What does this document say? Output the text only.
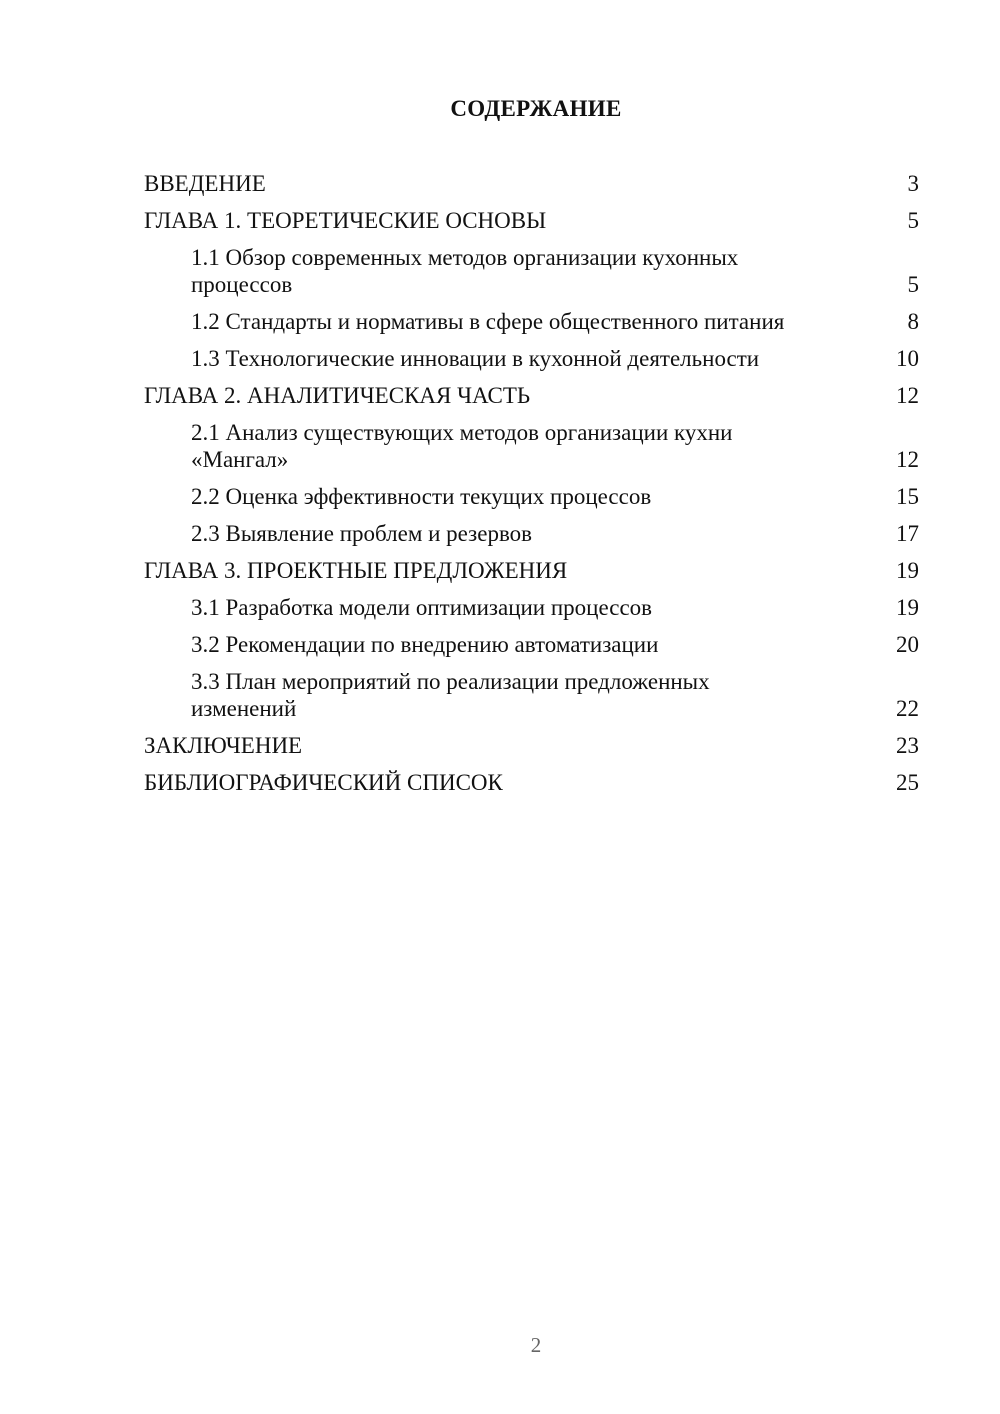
СОДЕРЖАНИЕ
ВВЕДЕНИЕ	3
ГЛАВА 1. ТЕОРЕТИЧЕСКИЕ ОСНОВЫ	5
1.1 Обзор современных методов организации кухонных процессов	5
1.2 Стандарты и нормативы в сфере общественного питания	8
1.3 Технологические инновации в кухонной деятельности	10
ГЛАВА 2. АНАЛИТИЧЕСКАЯ ЧАСТЬ	12
2.1 Анализ существующих методов организации кухни «Мангал»	12
2.2 Оценка эффективности текущих процессов	15
2.3 Выявление проблем и резервов	17
ГЛАВА 3. ПРОЕКТНЫЕ ПРЕДЛОЖЕНИЯ	19
3.1 Разработка модели оптимизации процессов	19
3.2 Рекомендации по внедрению автоматизации	20
3.3 План мероприятий по реализации предложенных изменений	22
ЗАКЛЮЧЕНИЕ	23
БИБЛИОГРАФИЧЕСКИЙ СПИСОК	25
2
